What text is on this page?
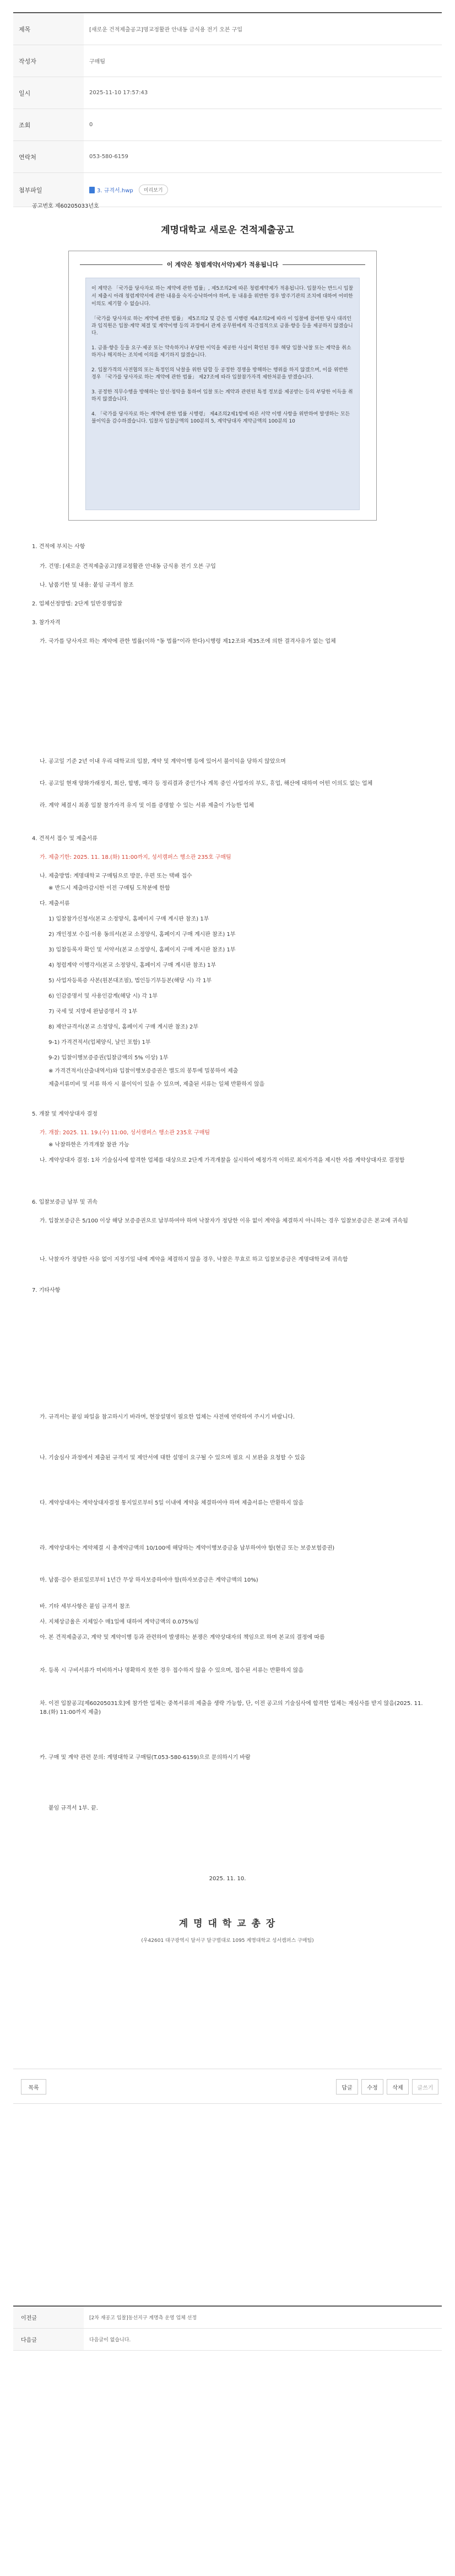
제목	[새로운 건적제출공고]명교정활관 안내동 금식용 전기 오븐 구입
작성자	구매팀
일시	2025-11-10 17:57:43
조회	0
연락처	053-580-6159
첨부파일	3. 규격서.hwp	미리보기
공고번호 제60205033년호
계명대학교 새로운 견적제출공고
이 계약은 청렴계약(서약)제가 적용됩니다
이 계약은 「국가를 당사자로 하는 계약에 관한 법률」, 제5조의2에 따른 청렴계약제가 적용됩니다. 입찰자는 반드시 입찰서 제출시 아래 청렴계약서에 관한 내용을 숙지·승낙하여야 하며, 동 내용을 위반한 경우 발주기관의 조치에 대하여 어떠한 이의도 제기할 수 없습니다.
「국가를 당사자로 하는 계약에 관한 법률」 제5조의2 및 같은 법 시행령 제4조의2에 따라 이 입찰에 참여한 당사 대리인과 임직원은 입찰·계약 체결 및 계약이행 등의 과정에서 관계 공무원에게 직·간접적으로 금품·향응 등을 제공하지 않겠습니다.
1. 금품·향응 등을 요구·제공 또는 약속하거나 부당한 이익을 제공한 사실이 확인된 경우 해당 입찰·낙찰 또는 계약을 취소하거나 해지하는 조치에 이의를 제기하지 않겠습니다.
2. 입찰가격의 사전협의 또는 특정인의 낙찰을 위한 담합 등 공정한 경쟁을 방해하는 행위를 하지 않겠으며, 이를 위반한 경우 「국가를 당사자로 하는 계약에 관한 법률」 제27조에 따라 입찰참가자격 제한처분을 받겠습니다.
3. 공정한 직무수행을 방해하는 알선·청탁을 통하여 입찰 또는 계약과 관련된 특정 정보를 제공받는 등의 부당한 이득을 취하지 않겠습니다.
4. 「국가를 당사자로 하는 계약에 관한 법률 시행령」 제4조의2제1항에 따른 서약 이행 사항을 위반하여 발생하는 모든 불이익을 감수하겠습니다. 입찰자 입찰금액의 100분의 5, 계약당대자 계약금액의 100분의 10
1. 견적에 부치는 사항
가. 건명: [새로운 견적제출공고]명교정활관 안내동 금식용 전기 오븐 구입
나. 납품기한 및 내용: 붙임 규격서 참조
2. 업체선정방법: 2단계 일반경쟁입찰
3. 참가자격
가. 국가를 당사자로 하는 계약에 관한 법률(이하 "동 법률"이라 한다)시행령 제12조와 제35조에 의한 결격사유가 없는 업체
나. 공고일 기준 2년 이내 우리 대학교의 입찰, 계약 및 계약이행 등에 있어서 불이익을 당하지 않았으며
다. 공고일 현재 양화가래정지, 회산, 합병, 매각 등 정리결과 중인가나 계목 중인 사업자의 부도, 휴업, 해산에 대하여 어떤 이의도 없는 업체
라. 계약 체결시 최종 입찰 참가자격 유지 및 이를 증명할 수 있는 서류 제출이 가능한 업체
4. 견적서 접수 및 제출서류
가. 제출기한: 2025. 11. 18.(화) 11:00까지, 성서캠퍼스 행소관 235호 구매팀
나. 제출방법: 계명대학교 구매팀으로 방문, 우편 또는 택배 접수
※ 반드시 제출마감시한 이전 구매팀 도착분에 한함
다. 제출서류
1) 입찰참가신청서(본교 소정양식, 홈페이지 구매 계시판 참조) 1부
2) 개인정보 수집·이용 동의서(본교 소정양식, 홈페이지 구매 계시판 참조) 1부
3) 입찰등록자 확인 및 서약서(본교 소정양식, 홈페이지 구매 계시판 참조) 1부
4) 청렴계약 이행각서(본교 소정양식, 홈페이지 구매 계시판 참조) 1부
5) 사업자등록증 사본(원본대조필), 법인등기부등본(해당 시) 각 1부
6) 인감증명서 및 사용인감계(해당 시) 각 1부
7) 국세 및 지방세 완납증명서 각 1부
8) 제안규격서(본교 소정양식, 홈페이지 구매 계시판 참조) 2부
9-1) 가격견적서(업체양식, 날인 포함) 1부
9-2) 입찰이행보증증권(입찰금액의 5% 이상) 1부
※ 가격견적서(산출내역서)와 입찰이행보증증권은 별도의 봉투에 밀봉하여 제출
제출서류미비 및 서류 하자 시 불이익이 있을 수 있으며, 제출된 서류는 일체 반환하지 않음
5. 개찰 및 계약상대자 결정
가. 개찰: 2025. 11. 19.(수) 11:00, 성서캠퍼스 행소관 235호 구매팀
※ 낙찰하한은 가격개찰 참관 가능
나. 계약상대자 결정: 1차 기술심사에 합격한 업체를 대상으로 2단계 가격개찰을 실시하여 예정가격 이하로 최저가격을 제시한 자를 계약상대자로 결정함
6. 입찰보증금 납부 및 귀속
가. 입찰보증금은 5/100 이상 해당 보증증권으로 납부하여야 하며 낙찰자가 정당한 이유 없이 계약을 체결하지 아니하는 경우 입찰보증금은 본교에 귀속됨
나. 낙찰자가 정당한 사유 없이 지정기일 내에 계약을 체결하지 않을 경우, 낙찰은 무효로 하고 입찰보증금은 계명대학교에 귀속함
7. 기타사항
가. 규격서는 붙임 파일을 참고하시기 바라며, 현장설명이 필요한 업체는 사전에 연락하여 주시기 바랍니다.
나. 기술심사 과정에서 제출된 규격서 및 제안서에 대한 설명이 요구될 수 있으며 필요 시 보완을 요청할 수 있음
다. 계약상대자는 계약상대자결정 통지일로부터 5일 이내에 계약을 체결하여야 하며 제출서류는 반환하지 않음
라. 계약상대자는 계약체결 시 총계약금액의 10/100에 해당하는 계약이행보증금을 납부하여야 함(현금 또는 보증보험증권)
마. 납품·검수 완료일로부터 1년간 무상 하자보증하여야 함(하자보증금은 계약금액의 10%)
바. 기타 세부사항은 붙임 규격서 참조
사. 지체상금율은 지체일수 매1일에 대하여 계약금액의 0.075%임
아. 본 견적제출공고, 계약 및 계약이행 등과 관련하여 발생하는 분쟁은 계약상대자의 책임으로 하며 본교의 결정에 따름
자. 등록 시 구비서류가 미비하거나 명확하지 못한 경우 접수하지 않을 수 있으며, 접수된 서류는 반환하지 않음
차. 이전 입찰공고[제60205031호]에 참가한 업체는 중복서류의 제출을 생략 가능함, 단, 이전 공고의 기술심사에 합격한 업체는 재심사를 받지 않음(2025. 11. 18.(화) 11:00까지 제출)
카. 구매 및 계약 관련 문의: 계명대학교 구매팀(T.053-580-6159)으로 문의하시기 바람
붙임 규격서 1부. 끝.
2025. 11. 10.
계 명 대 학 교 총 장
(우42601 대구광역시 달서구 달구벌대로 1095 계명대학교 성서캠퍼스 구매팀)
목록	답글	수정	삭제	글쓰기
이전글	[2차 재공고 입찰]동선지구 계명측 운영 업체 선정
다음글	다음글이 없습니다.
